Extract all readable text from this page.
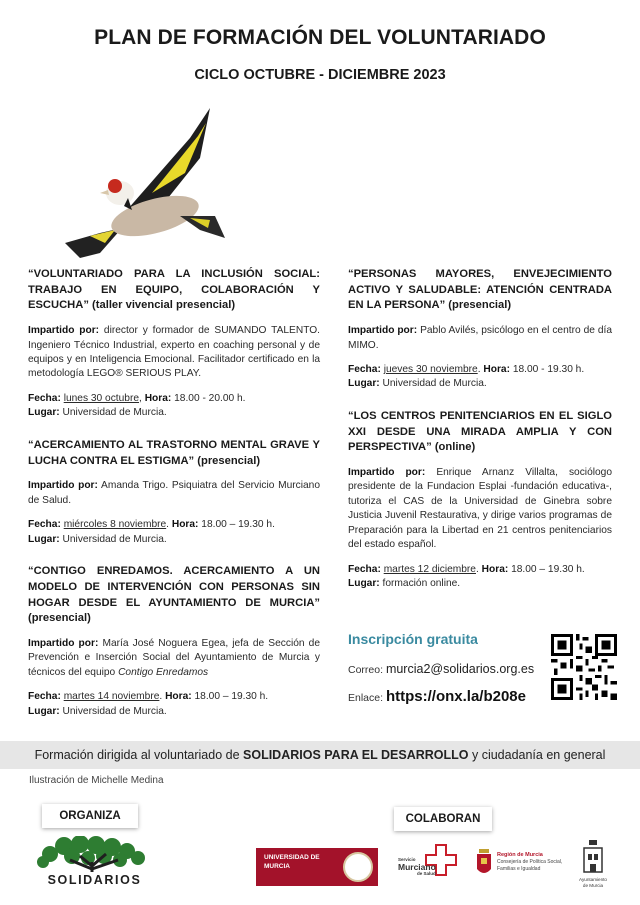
PLAN DE FORMACIÓN DEL VOLUNTARIADO
CICLO OCTUBRE - DICIEMBRE 2023
“VOLUNTARIADO PARA LA INCLUSIÓN SOCIAL: TRABAJO EN EQUIPO, COLABORACIÓN Y ESCUCHA” (taller vivencial presencial)
Impartido por: director y formador de SUMANDO TALENTO. Ingeniero Técnico Industrial, experto en coaching personal y de equipos y en Inteligencia Emocional. Facilitador certificado en la metodología LEGO® SERIOUS PLAY.
Fecha: lunes 30 octubre, Hora: 18.00 - 20.00 h.
Lugar: Universidad de Murcia.
“ACERCAMIENTO AL TRASTORNO MENTAL GRAVE Y LUCHA CONTRA EL ESTIGMA” (presencial)
Impartido por: Amanda Trigo. Psiquiatra del Servicio Murciano de Salud.
Fecha: miércoles 8 noviembre. Hora: 18.00 – 19.30 h.
Lugar: Universidad de Murcia.
“CONTIGO ENREDAMOS. ACERCAMIENTO A UN MODELO DE INTERVENCIÓN CON PERSONAS SIN HOGAR DESDE EL AYUNTAMIENTO DE MURCIA” (presencial)
Impartido por: María José Noguera Egea, jefa de Sección de Prevención e Inserción Social del Ayuntamiento de Murcia y técnicos del equipo Contigo Enredamos
Fecha: martes 14 noviembre. Hora: 18.00 – 19.30 h.
Lugar: Universidad de Murcia.
“PERSONAS MAYORES, ENVEJECIMIENTO ACTIVO Y SALUDABLE: ATENCIÓN CENTRADA EN LA PERSONA” (presencial)
Impartido por: Pablo Avilés, psicólogo en el centro de día MIMO.
Fecha: jueves 30 noviembre. Hora: 18.00 - 19.30 h.
Lugar: Universidad de Murcia.
“LOS CENTROS PENITENCIARIOS EN EL SIGLO XXI DESDE UNA MIRADA AMPLIA Y CON PERSPECTIVA” (online)
Impartido por: Enrique Arnanz Villalta, sociólogo presidente de la Fundacion Esplai -fundación educativa-, tutoriza el CAS de la Universidad de Ginebra sobre Justicia Juvenil Restaurativa, y dirige varios programas de Preparación para la Libertad en 21 centros penitenciarios del estado español.
Fecha: martes 12 diciembre. Hora: 18.00 – 19.30 h.
Lugar: formación online.
Inscripción gratuita
Correo: murcia2@solidarios.org.es
Enlace: https://onx.la/b208e
Formación dirigida al voluntariado de SOLIDARIOS PARA EL DESARROLLO y ciudadanía en general
Ilustración de Michelle Medina
ORGANIZA	COLABORAN
SOLIDARIOS
UNIVERSIDAD DE
MURCIA
Servicio
Murciano
de Salud
Región de Murcia
Consejería de Política Social,
Familias e Igualdad
Ayuntamiento
de Murcia
